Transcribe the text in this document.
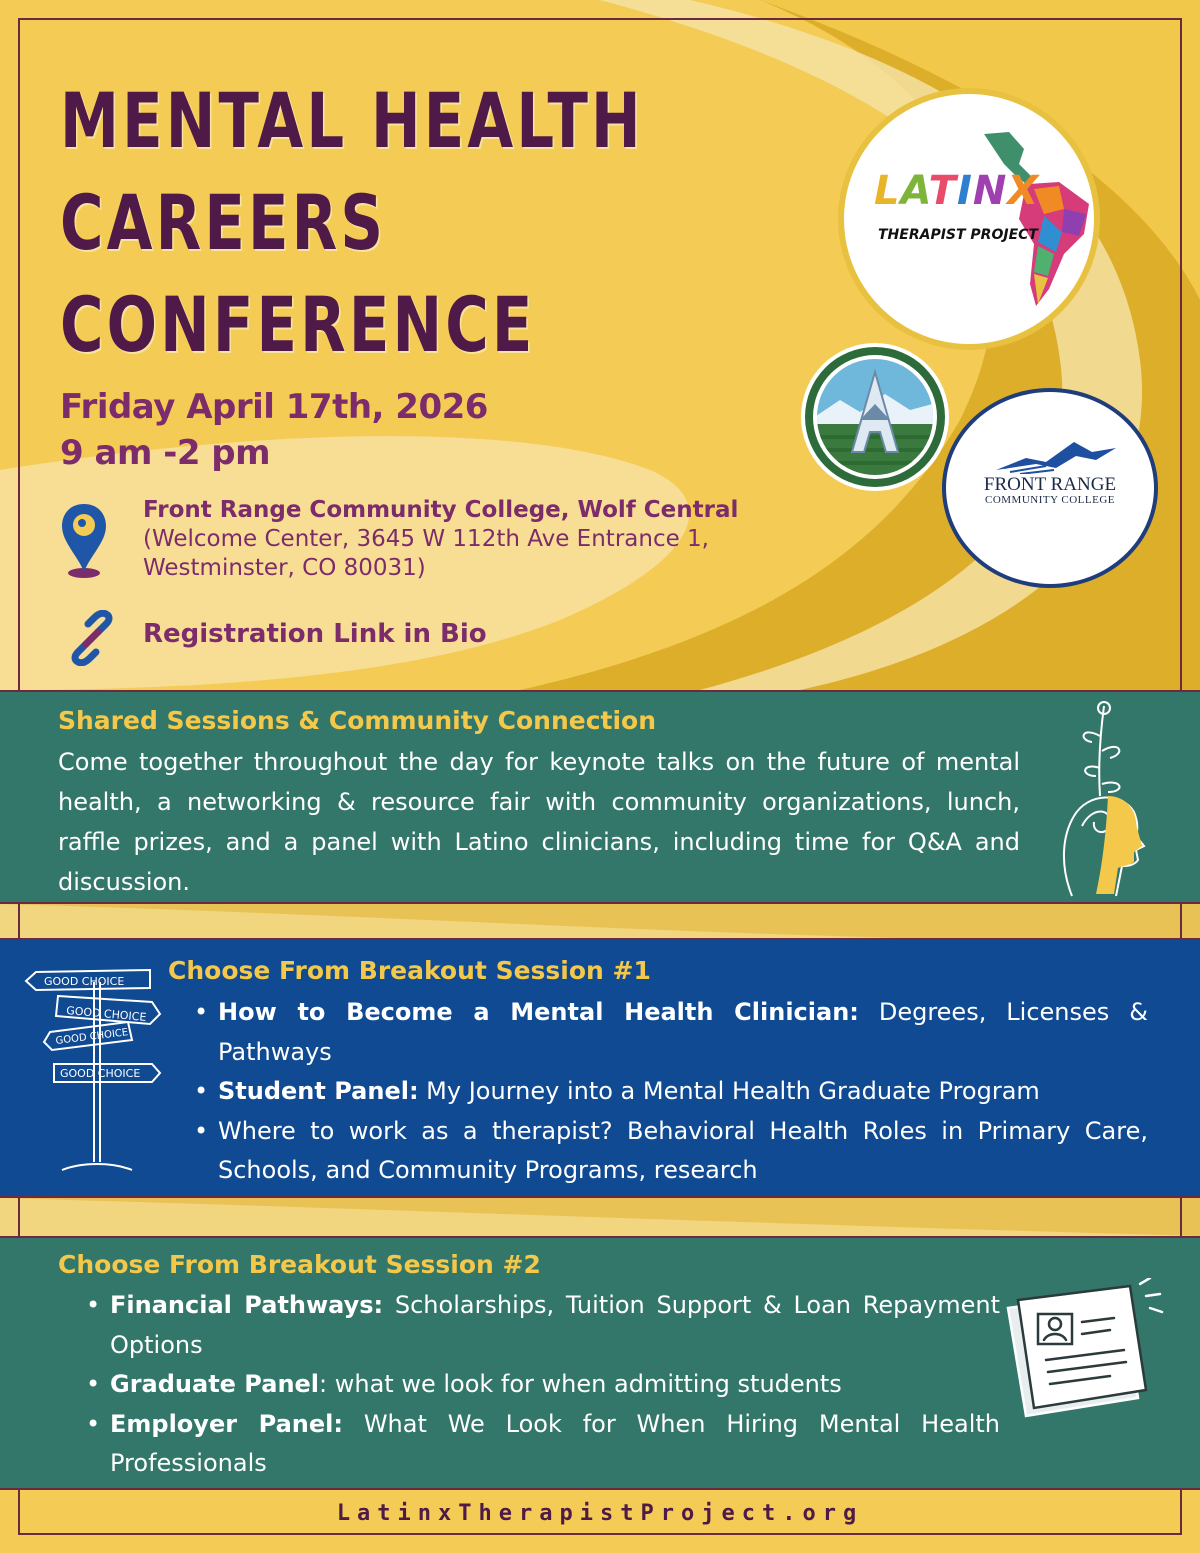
MENTAL HEALTH
CAREERS
CONFERENCE
Friday April 17th, 2026
9 am -2 pm
Front Range Community College, Wolf Central
(Welcome Center, 3645 W 112th Ave Entrance 1,
Westminster, CO 80031)
Registration Link in Bio
LATINX
THERAPIST PROJECT
FRONT RANGE
COMMUNITY COLLEGE
Shared Sessions & Community Connection
Come together throughout the day for keynote talks on the future of mental health, a networking & resource fair with community organizations, lunch, raffle prizes, and a panel with Latino clinicians, including time for Q&A and discussion.
GOOD CHOICE
GOOD CHOICE
GOOD CHOICE
GOOD CHOICE
Choose From Breakout Session #1
• How to Become a Mental Health Clinician: Degrees, Licenses & Pathways
• Student Panel: My Journey into a Mental Health Graduate Program
• Where to work as a therapist? Behavioral Health Roles in Primary Care, Schools, and Community Programs, research
Choose From Breakout Session #2
• Financial Pathways: Scholarships, Tuition Support & Loan Repayment Options
• Graduate Panel: what we look for when admitting students
• Employer Panel: What We Look for When Hiring Mental Health Professionals
LatinxTherapistProject.org
